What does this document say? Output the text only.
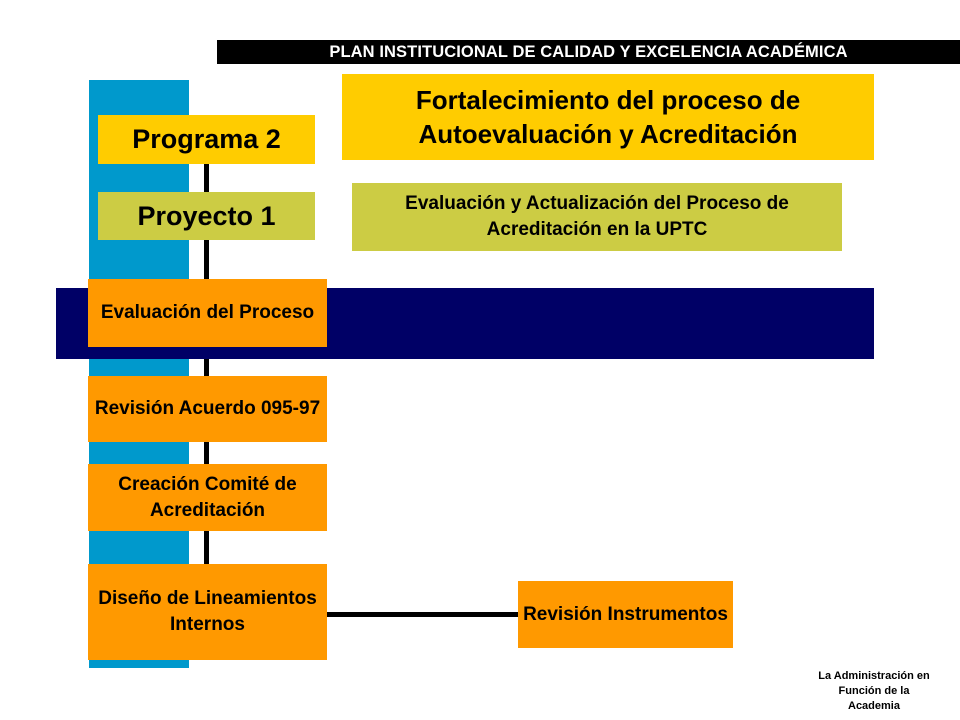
PLAN INSTITUCIONAL DE CALIDAD Y EXCELENCIA ACADÉMICA
Programa 2
Fortalecimiento del proceso de Autoevaluación y Acreditación
Proyecto 1	Evaluación y Actualización del Proceso de Acreditación en la UPTC
Evaluación del Proceso
Revisión Acuerdo 095-97
Creación Comité de Acreditación
Diseño de Lineamientos Internos	Revisión Instrumentos
La Administración en Función de la Academia
